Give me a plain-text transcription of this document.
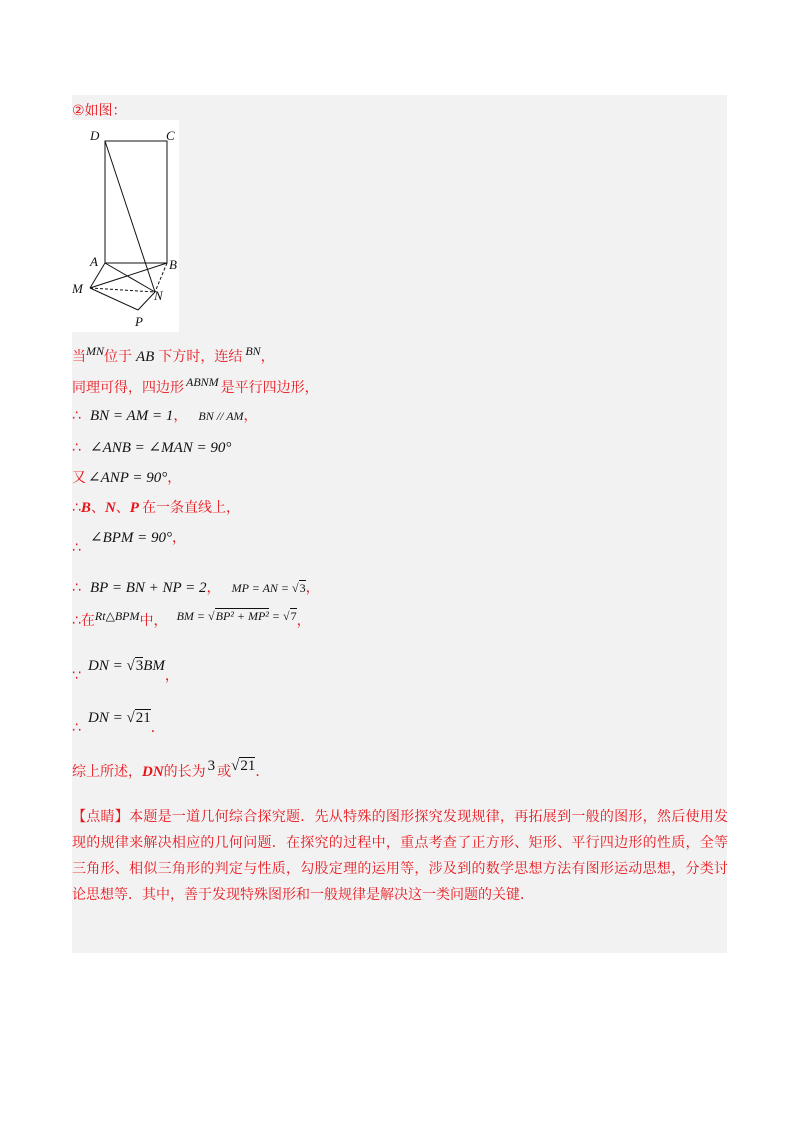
②如图：
D	C
A	B
M	N
P
当$^{MN}$位于 AB 下方时，连结 $^{BN}$，
同理可得，四边形 $^{ABNM}$ 是平行四边形，
∴ BN = AM = 1， BN // AM，
∴ ∠ANB = ∠MAN = 90°
又 ∠ANP = 90°，
∴B、N、P 在一条直线上，
∠BPM = 90°，
∴
∴ BP = BN + NP = 2， MP = AN = √3，
∴在$^{Rt\triangle BPM}$中， $^{BM =}$ $^{√BP^2 + MP^2}$ = $^{√7}$，
DN = √3BM，
∵
DN = √21．
∴
综上所述，DN的长为 3 或√21．
【点睛】本题是一道几何综合探究题．先从特殊的图形探究发现规律，再拓展到一般的图形，然后使用发现的规律来解决相应的几何问题．在探究的过程中，重点考查了正方形、矩形、平行四边形的性质，全等三角形、相似三角形的判定与性质，勾股定理的运用等，涉及到的数学思想方法有图形运动思想，分类讨论思想等．其中，善于发现特殊图形和一般规律是解决这一类问题的关键．
